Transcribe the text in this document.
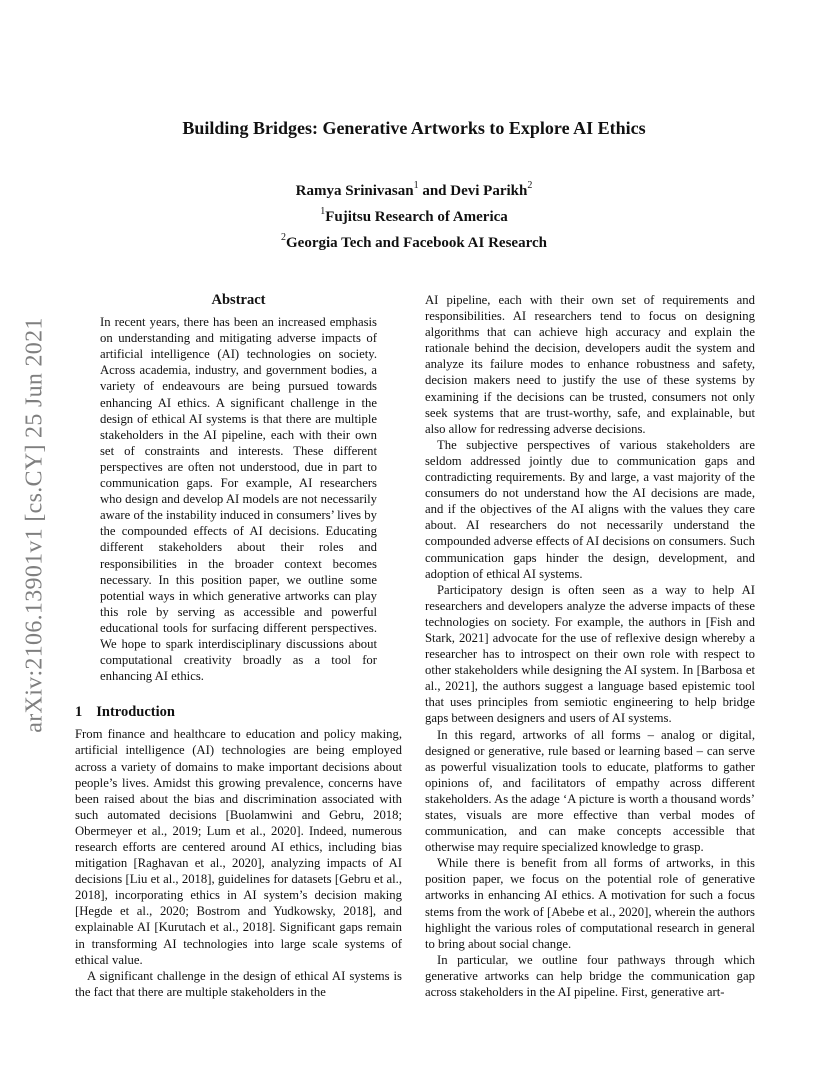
arXiv:2106.13901v1 [cs.CY] 25 Jun 2021
Building Bridges: Generative Artworks to Explore AI Ethics
Ramya Srinivasan$^1$ and Devi Parikh$^2$
$^1$Fujitsu Research of America
$^2$Georgia Tech and Facebook AI Research
Abstract

In recent years, there has been an increased emphasis on understanding and mitigating adverse impacts of artificial intelligence (AI) technologies on society. Across academia, industry, and government bodies, a variety of endeavours are being pursued towards enhancing AI ethics. A significant challenge in the design of ethical AI systems is that there are multiple stakeholders in the AI pipeline, each with their own set of constraints and interests. These different perspectives are often not understood, due in part to communication gaps. For example, AI researchers who design and develop AI models are not necessarily aware of the instability induced in consumers’ lives by the compounded effects of AI decisions. Educating different stakeholders about their roles and responsibilities in the broader context becomes necessary. In this position paper, we outline some potential ways in which generative artworks can play this role by serving as accessible and powerful educational tools for surfacing different perspectives. We hope to spark interdisciplinary discussions about computational creativity broadly as a tool for enhancing AI ethics.

1 Introduction

From finance and healthcare to education and policy making, artificial intelligence (AI) technologies are being employed across a variety of domains to make important decisions about people’s lives. Amidst this growing prevalence, concerns have been raised about the bias and discrimination associated with such automated decisions [Buolamwini and Gebru, 2018; Obermeyer et al., 2019; Lum et al., 2020]. Indeed, numerous research efforts are centered around AI ethics, including bias mitigation [Raghavan et al., 2020], analyzing impacts of AI decisions [Liu et al., 2018], guidelines for datasets [Gebru et al., 2018], incorporating ethics in AI system’s decision making [Hegde et al., 2020; Bostrom and Yudkowsky, 2018], and explainable AI [Kurutach et al., 2018]. Significant gaps remain in transforming AI technologies into large scale systems of ethical value.

A significant challenge in the design of ethical AI systems is the fact that there are multiple stakeholders in the

AI pipeline, each with their own set of requirements and responsibilities. AI researchers tend to focus on designing algorithms that can achieve high accuracy and explain the rationale behind the decision, developers audit the system and analyze its failure modes to enhance robustness and safety, decision makers need to justify the use of these systems by examining if the decisions can be trusted, consumers not only seek systems that are trust-worthy, safe, and explainable, but also allow for redressing adverse decisions.

The subjective perspectives of various stakeholders are seldom addressed jointly due to communication gaps and contradicting requirements. By and large, a vast majority of the consumers do not understand how the AI decisions are made, and if the objectives of the AI aligns with the values they care about. AI researchers do not necessarily understand the compounded adverse effects of AI decisions on consumers. Such communication gaps hinder the design, development, and adoption of ethical AI systems.

Participatory design is often seen as a way to help AI researchers and developers analyze the adverse impacts of these technologies on society. For example, the authors in [Fish and Stark, 2021] advocate for the use of reflexive design whereby a researcher has to introspect on their own role with respect to other stakeholders while designing the AI system. In [Barbosa et al., 2021], the authors suggest a language based epistemic tool that uses principles from semiotic engineering to help bridge gaps between designers and users of AI systems.

In this regard, artworks of all forms – analog or digital, designed or generative, rule based or learning based – can serve as powerful visualization tools to educate, platforms to gather opinions of, and facilitators of empathy across different stakeholders. As the adage ‘A picture is worth a thousand words’ states, visuals are more effective than verbal modes of communication, and can make concepts accessible that otherwise may require specialized knowledge to grasp.

While there is benefit from all forms of artworks, in this position paper, we focus on the potential role of generative artworks in enhancing AI ethics. A motivation for such a focus stems from the work of [Abebe et al., 2020], wherein the authors highlight the various roles of computational research in general to bring about social change.

In particular, we outline four pathways through which generative artworks can help bridge the communication gap across stakeholders in the AI pipeline. First, generative art-
